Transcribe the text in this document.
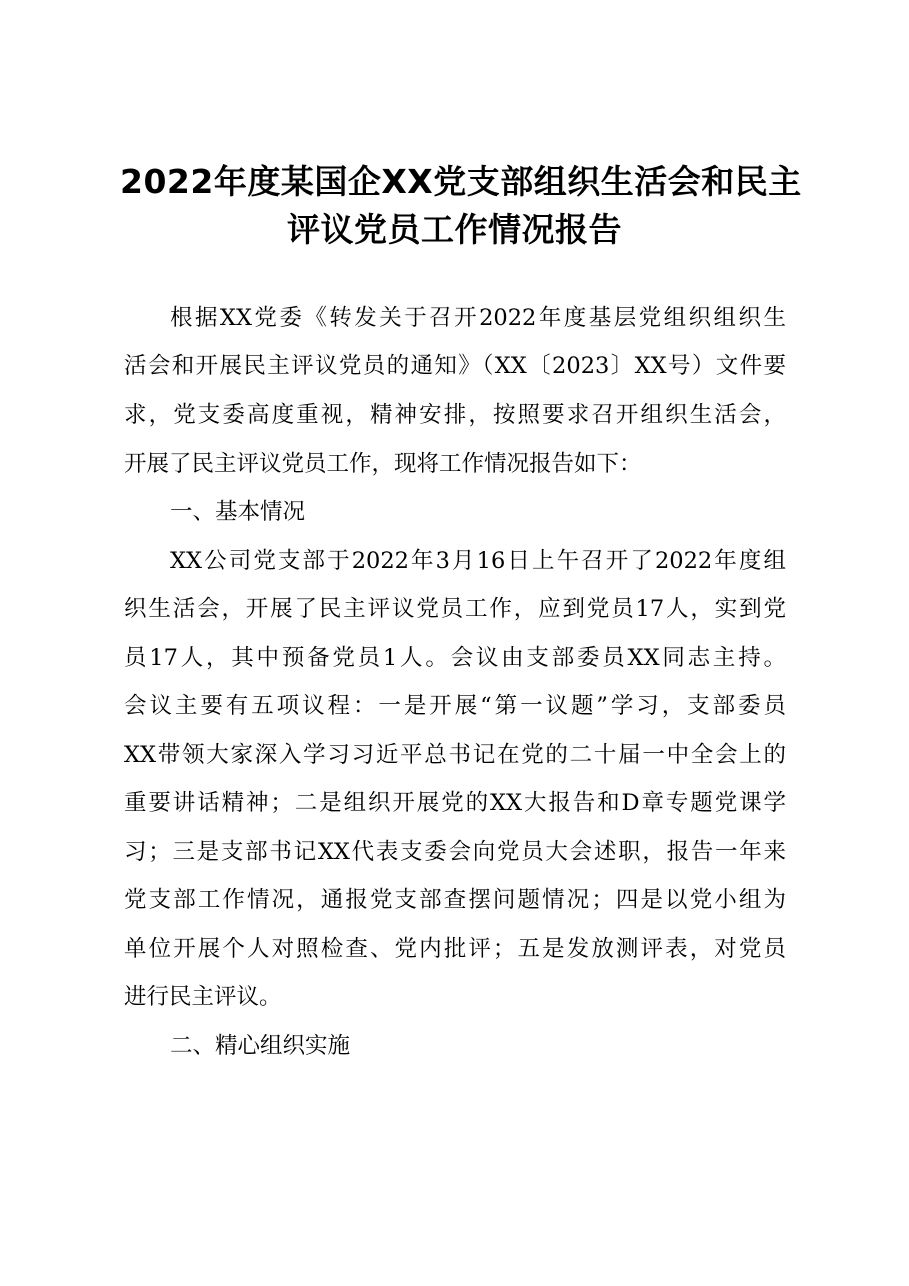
2022年度某国企XX党支部组织生活会和民主
评议党员工作情况报告
根据XX党委《转发关于召开2022年度基层党组织组织生
活会和开展民主评议党员的通知》（XX〔2023〕XX号）文件要
求，党支委高度重视，精神安排，按照要求召开组织生活会，
开展了民主评议党员工作，现将工作情况报告如下：
一、基本情况
XX公司党支部于2022年3月16日上午召开了2022年度组
织生活会，开展了民主评议党员工作，应到党员17人，实到党
员17人，其中预备党员1人。会议由支部委员XX同志主持。
会议主要有五项议程：一是开展“第一议题”学习，支部委员
XX带领大家深入学习习近平总书记在党的二十届一中全会上的
重要讲话精神；二是组织开展党的XX大报告和D章专题党课学
习；三是支部书记XX代表支委会向党员大会述职，报告一年来
党支部工作情况，通报党支部查摆问题情况；四是以党小组为
单位开展个人对照检查、党内批评；五是发放测评表，对党员
进行民主评议。
二、精心组织实施
